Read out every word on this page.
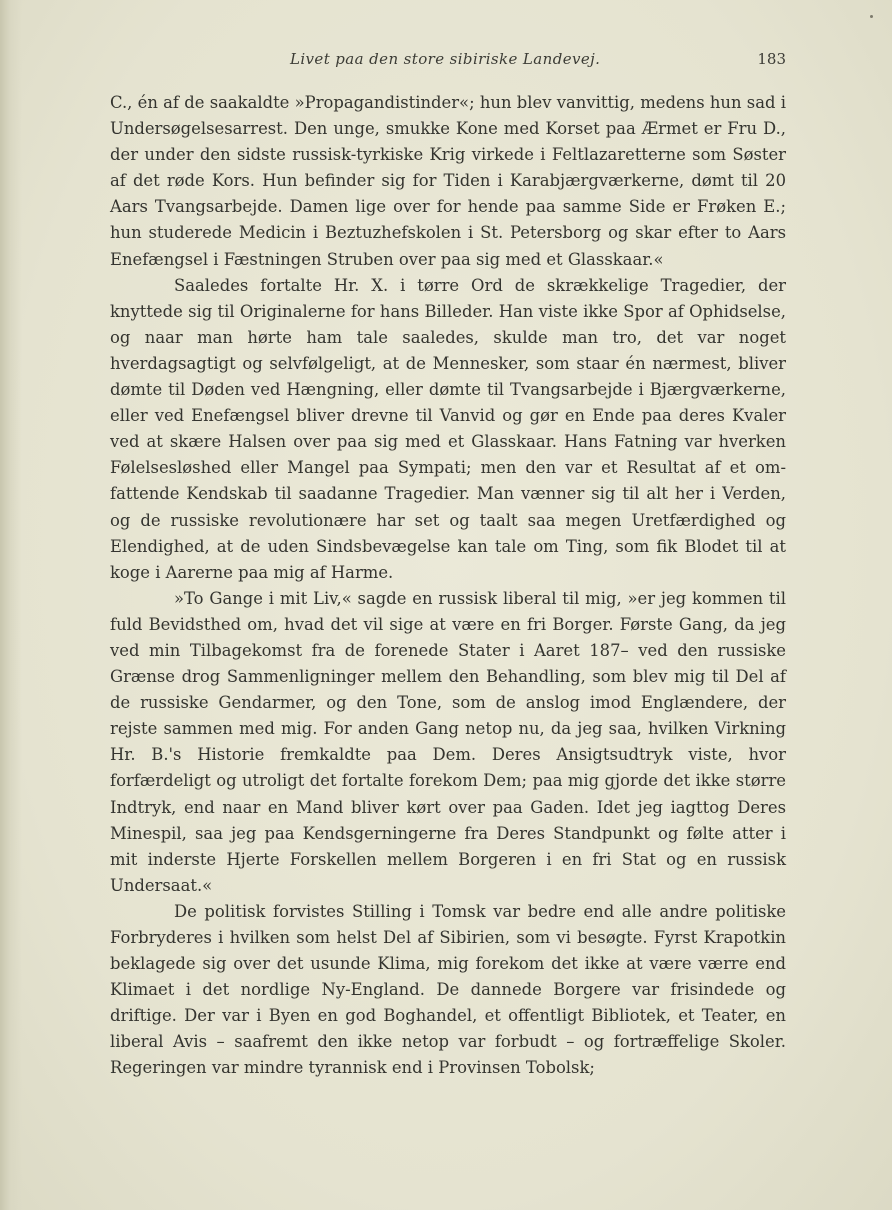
Livet paa den store sibiriske Landevej.	183

C., én af de saakaldte »Propagandistinder«; hun blev vanvittig, medens hun sad i Undersøgelsesarrest. Den unge, smukke Kone med Korset paa Ærmet er Fru D., der under den sidste russisk-tyrkiske Krig virkede i Feltlazaretterne som Søster af det røde Kors. Hun befinder sig for Tiden i Karabjærgværkerne, dømt til 20 Aars Tvangsarbejde. Damen lige over for hende paa samme Side er Frøken E.; hun studerede Medicin i Beztuzhefskolen i St. Petersborg og skar efter to Aars Enefængsel i Fæstningen Struben over paa sig med et Glasskaar.«

Saaledes fortalte Hr. X. i tørre Ord de skrækkelige Tragedier, der knyttede sig til Originalerne for hans Billeder. Han viste ikke Spor af Ophidselse, og naar man hørte ham tale saaledes, skulde man tro, det var noget hverdagsagtigt og selvfølgeligt, at de Mennesker, som staar én nærmest, bliver dømte til Døden ved Hængning, eller dømte til Tvangsarbejde i Bjærgværkerne, eller ved Enefængsel bliver drevne til Vanvid og gør en Ende paa deres Kvaler ved at skære Halsen over paa sig med et Glasskaar. Hans Fatning var hverken Følelsesløshed eller Mangel paa Sympati; men den var et Resultat af et omfattende Kendskab til saadanne Tragedier. Man vænner sig til alt her i Verden, og de russiske revolutionære har set og taalt saa megen Uretfærdighed og Elendighed, at de uden Sindsbevægelse kan tale om Ting, som fik Blodet til at koge i Aarerne paa mig af Harme.

»To Gange i mit Liv,« sagde en russisk liberal til mig, »er jeg kommen til fuld Bevidsthed om, hvad det vil sige at være en fri Borger. Første Gang, da jeg ved min Tilbagekomst fra de forenede Stater i Aaret 187– ved den russiske Grænse drog Sammenligninger mellem den Behandling, som blev mig til Del af de russiske Gendarmer, og den Tone, som de anslog imod Englændere, der rejste sammen med mig. For anden Gang netop nu, da jeg saa, hvilken Virkning Hr. B.'s Historie fremkaldte paa Dem. Deres Ansigtsudtryk viste, hvor forfærdeligt og utroligt det fortalte forekom Dem; paa mig gjorde det ikke større Indtryk, end naar en Mand bliver kørt over paa Gaden. Idet jeg iagttog Deres Minespil, saa jeg paa Kendsgerningerne fra Deres Standpunkt og følte atter i mit inderste Hjerte Forskellen mellem Borgeren i en fri Stat og en russisk Undersaat.«

De politisk forvistes Stilling i Tomsk var bedre end alle andre politiske Forbryderes i hvilken som helst Del af Sibirien, som vi besøgte. Fyrst Krapotkin beklagede sig over det usunde Klima, mig forekom det ikke at være værre end Klimaet i det nordlige Ny-England. De dannede Borgere var frisindede og driftige. Der var i Byen en god Boghandel, et offentligt Bibliotek, et Teater, en liberal Avis – saafremt den ikke netop var forbudt – og fortræffelige Skoler. Regeringen var mindre tyrannisk end i Provinsen Tobolsk;
